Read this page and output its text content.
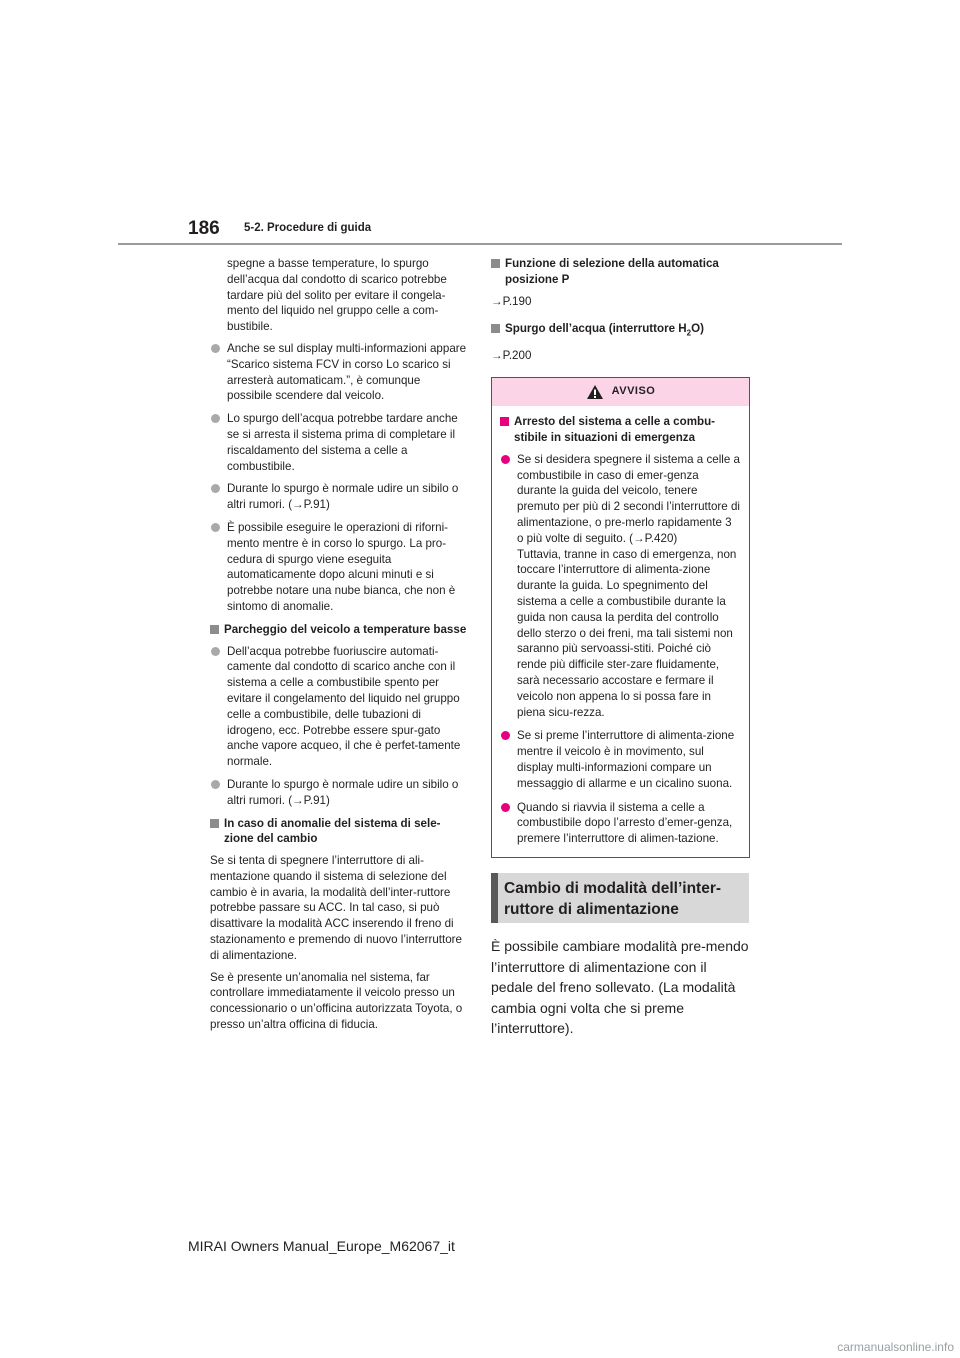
186 5-2. Procedure di guida

spegne a basse temperature, lo spurgo dell’acqua dal condotto di scarico potrebbe tardare più del solito per evitare il congela-mento del liquido nel gruppo celle a com-bustibile.

Anche se sul display multi-informazioni appare “Scarico sistema FCV in corso Lo scarico si arresterà automaticam.”, è comunque possibile scendere dal veicolo.
Lo spurgo dell’acqua potrebbe tardare anche se si arresta il sistema prima di completare il riscaldamento del sistema a celle a combustibile.
Durante lo spurgo è normale udire un sibilo o altri rumori. (→P.91)
È possibile eseguire le operazioni di riforni-mento mentre è in corso lo spurgo. La pro-cedura di spurgo viene eseguita automaticamente dopo alcuni minuti e si potrebbe notare una nube bianca, che non è sintomo di anomalie.
Parcheggio del veicolo a temperature basse
Dell’acqua potrebbe fuoriuscire automati-camente dal condotto di scarico anche con il sistema a celle a combustibile spento per evitare il congelamento del liquido nel gruppo celle a combustibile, delle tubazioni di idrogeno, ecc. Potrebbe essere spur-gato anche vapore acqueo, il che è perfet-tamente normale.
Durante lo spurgo è normale udire un sibilo o altri rumori. (→P.91)
In caso di anomalie del sistema di sele-zione del cambio

Se si tenta di spegnere l’interruttore di ali-mentazione quando il sistema di selezione del cambio è in avaria, la modalità dell’inter-ruttore potrebbe passare su ACC. In tal caso, si può disattivare la modalità ACC inserendo il freno di stazionamento e premendo di nuovo l’interruttore di alimentazione.

Se è presente un’anomalia nel sistema, far controllare immediatamente il veicolo presso un concessionario o un’officina autorizzata Toyota, o presso un’altra officina di fiducia.

Funzione di selezione della automatica posizione P

→P.190

Spurgo dell’acqua (interruttore $H_2O$)

→P.200

AVVISO
Arresto del sistema a celle a combu-stibile in situazioni di emergenza
Se si desidera spegnere il sistema a celle a combustibile in caso di emer-genza durante la guida del veicolo, tenere premuto per più di 2 secondi l’interruttore di alimentazione, o pre-merlo rapidamente 3 o più volte di seguito. (→P.420)
Tuttavia, tranne in caso di emergenza, non toccare l’interruttore di alimenta-zione durante la guida. Lo spegnimento del sistema a celle a combustibile durante la guida non causa la perdita del controllo dello sterzo o dei freni, ma tali sistemi non saranno più servoassi-stiti. Poiché ciò rende più difficile ster-zare fluidamente, sarà necessario accostare e fermare il veicolo non appena lo si possa fare in piena sicu-rezza.
Se si preme l’interruttore di alimenta-zione mentre il veicolo è in movimento, sul display multi-informazioni compare un messaggio di allarme e un cicalino suona.
Quando si riavvia il sistema a celle a combustibile dopo l’arresto d’emer-genza, premere l’interruttore di alimen-tazione.
Cambio di modalità dell’inter-ruttore di alimentazione

È possibile cambiare modalità pre-mendo l’interruttore di alimentazione con il pedale del freno sollevato. (La modalità cambia ogni volta che si preme l’interruttore).

MIRAI Owners Manual_Europe_M62067_it
carmanualsonline.info
